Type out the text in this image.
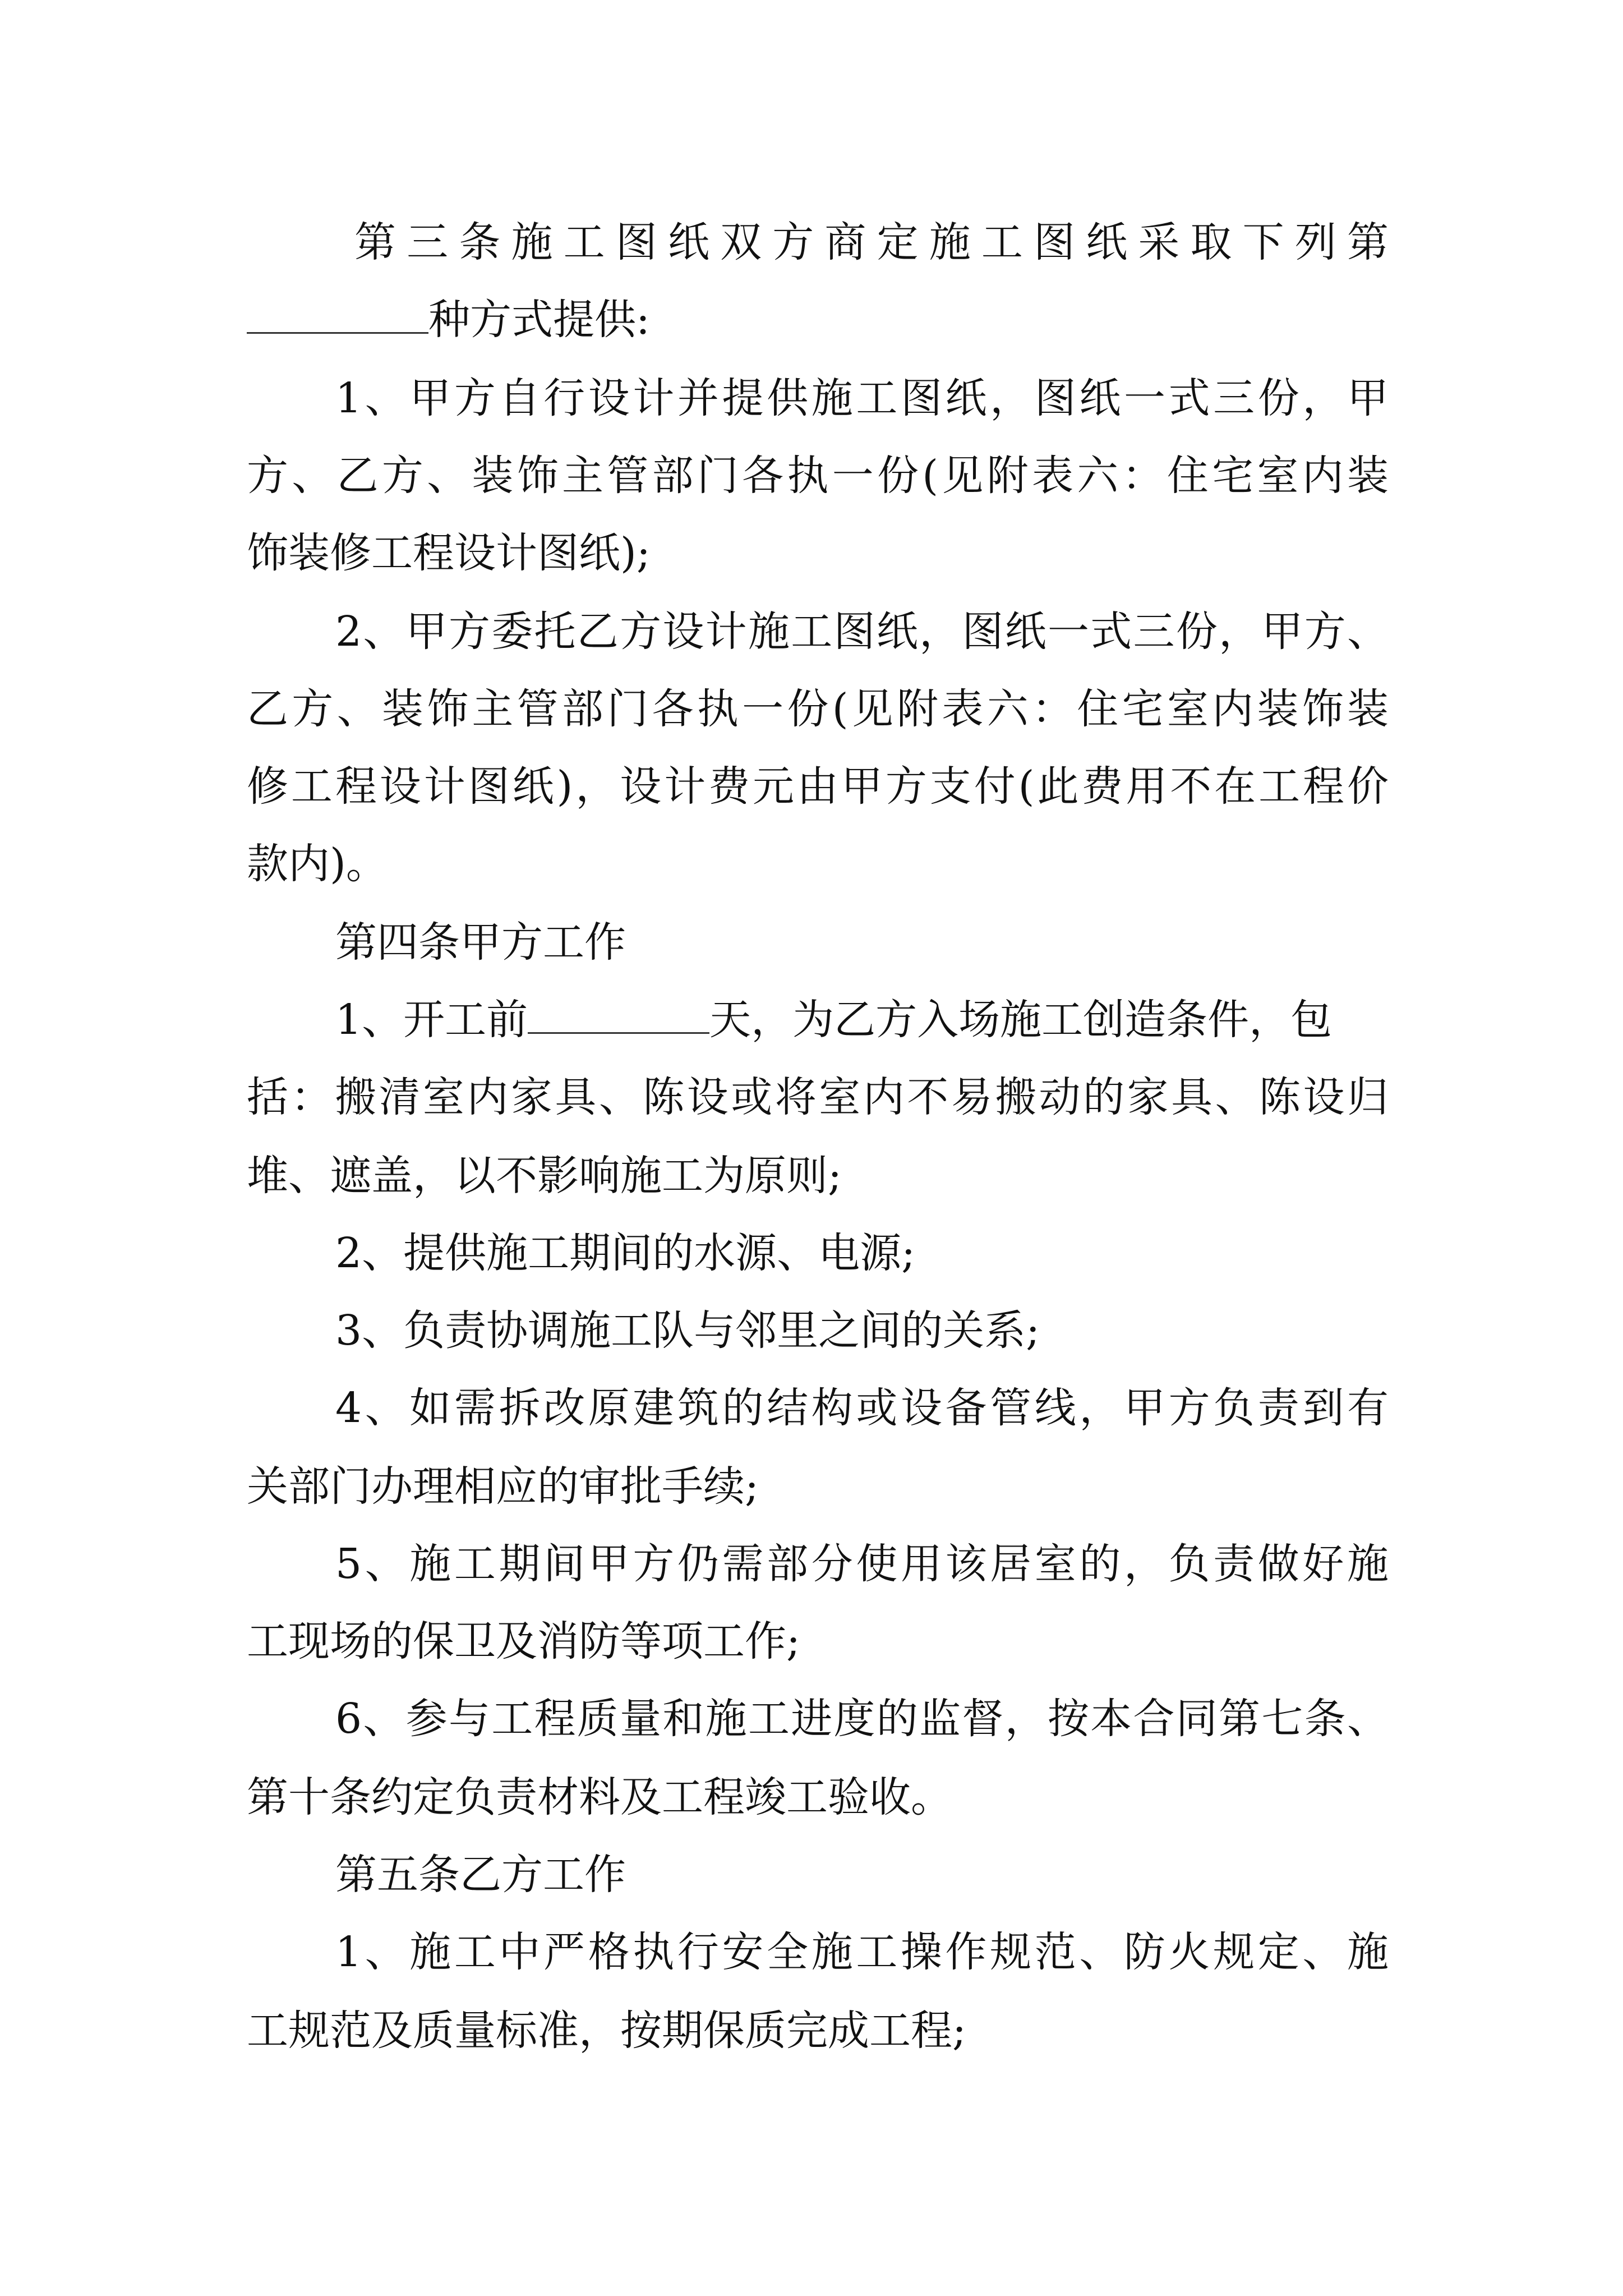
第三条施工图纸双方商定施工图纸采取下列第

种方式提供:

1、甲方自行设计并提供施工图纸，图纸一式三份，甲

方、乙方、装饰主管部门各执一份(见附表六：住宅室内装

饰装修工程设计图纸);

2、甲方委托乙方设计施工图纸，图纸一式三份，甲方、

乙方、装饰主管部门各执一份(见附表六：住宅室内装饰装

修工程设计图纸)，设计费元由甲方支付(此费用不在工程价

款内)。

第四条甲方工作

1、开工前	天，为乙方入场施工创造条件，包

括：搬清室内家具、陈设或将室内不易搬动的家具、陈设归

堆、遮盖，以不影响施工为原则;

2、提供施工期间的水源、电源;

3、负责协调施工队与邻里之间的关系;

4、如需拆改原建筑的结构或设备管线，甲方负责到有

关部门办理相应的审批手续;

5、施工期间甲方仍需部分使用该居室的，负责做好施

工现场的保卫及消防等项工作;

6、参与工程质量和施工进度的监督，按本合同第七条、

第十条约定负责材料及工程竣工验收。

第五条乙方工作

1、施工中严格执行安全施工操作规范、防火规定、施

工规范及质量标准，按期保质完成工程;
